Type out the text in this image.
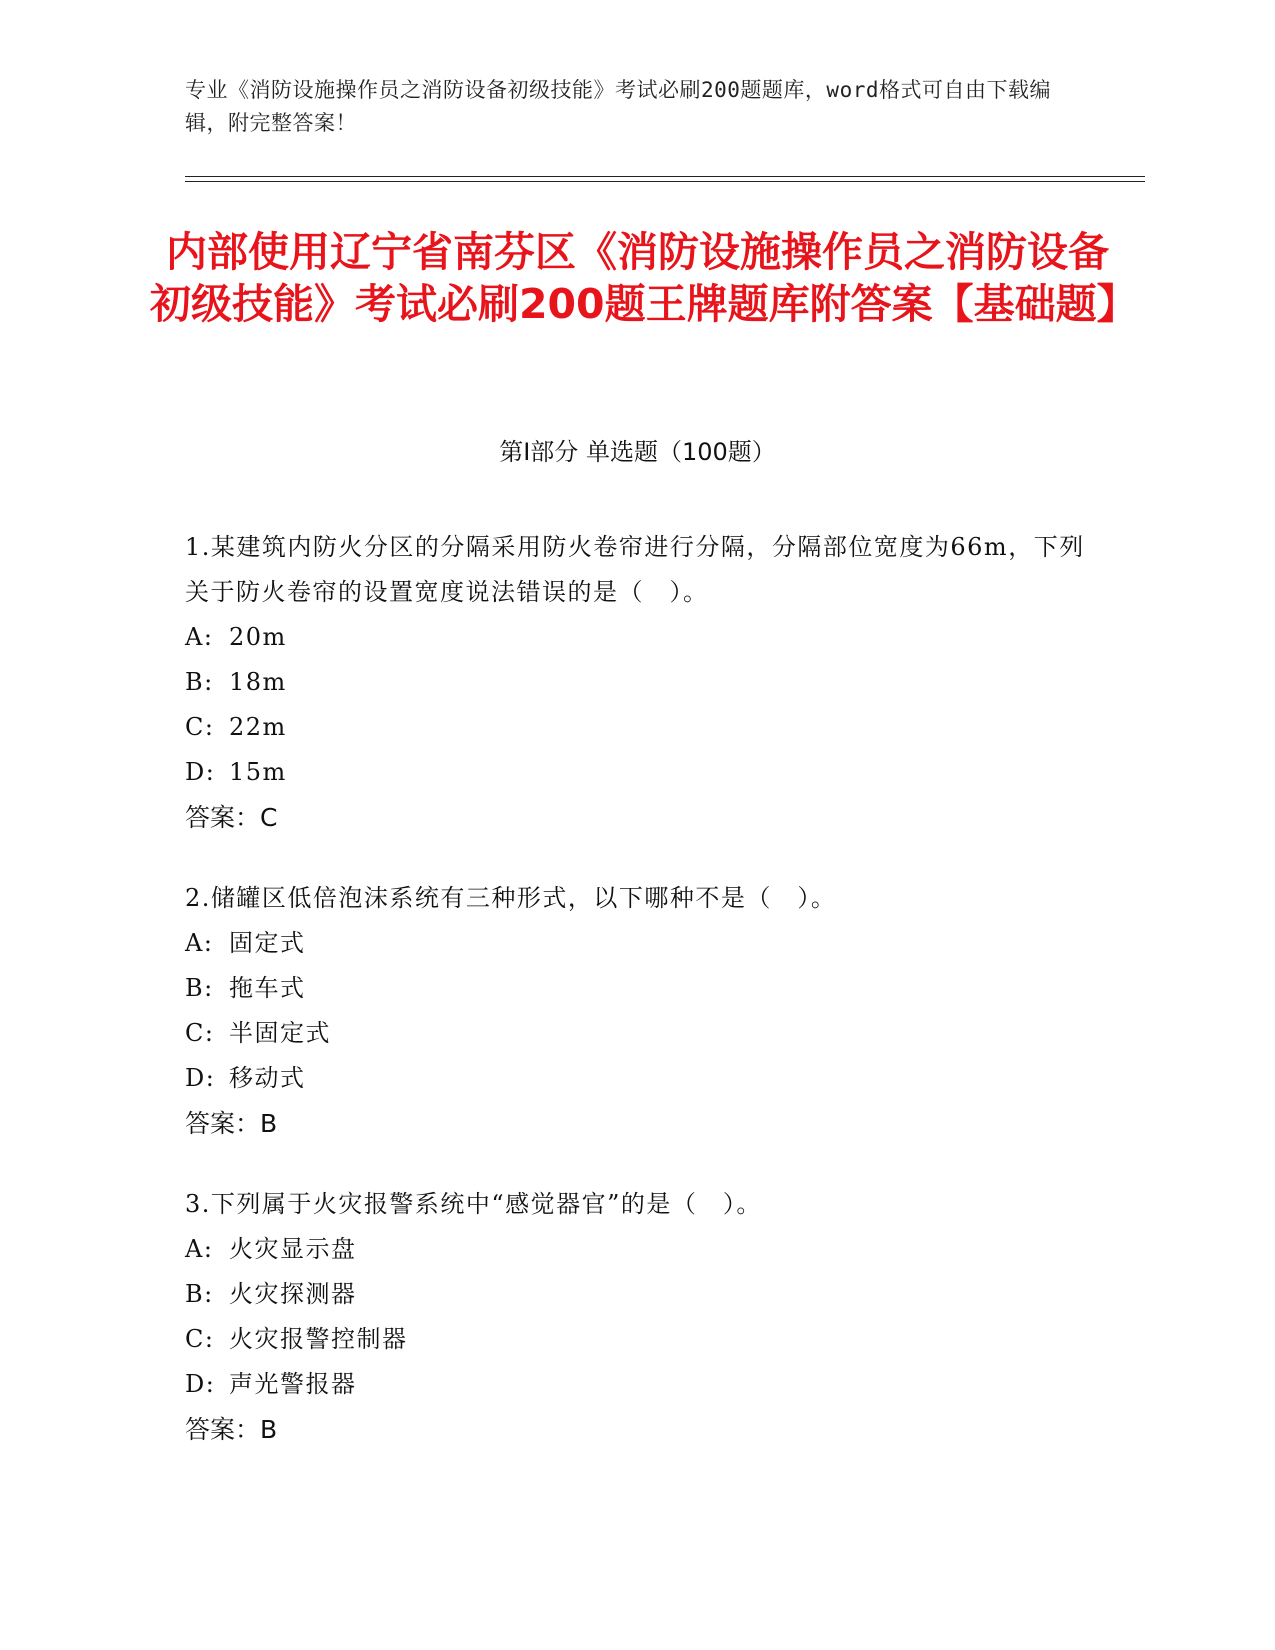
专业《消防设施操作员之消防设备初级技能》考试必刷200题题库，word格式可自由下载编辑，附完整答案！
内部使用辽宁省南芬区《消防设施操作员之消防设备初级技能》考试必刷200题王牌题库附答案【基础题】
第Ⅰ部分 单选题（100题）

1.某建筑内防火分区的分隔采用防火卷帘进行分隔，分隔部位宽度为66m，下列关于防火卷帘的设置宽度说法错误的是（　）。

A: 20m

B: 18m

C: 22m

D: 15m

答案：C

2.储罐区低倍泡沫系统有三种形式，以下哪种不是（　）。

A: 固定式

B: 拖车式

C: 半固定式

D: 移动式

答案：B

3.下列属于火灾报警系统中“感觉器官”的是（　）。

A: 火灾显示盘

B: 火灾探测器

C: 火灾报警控制器

D: 声光警报器

答案：B
